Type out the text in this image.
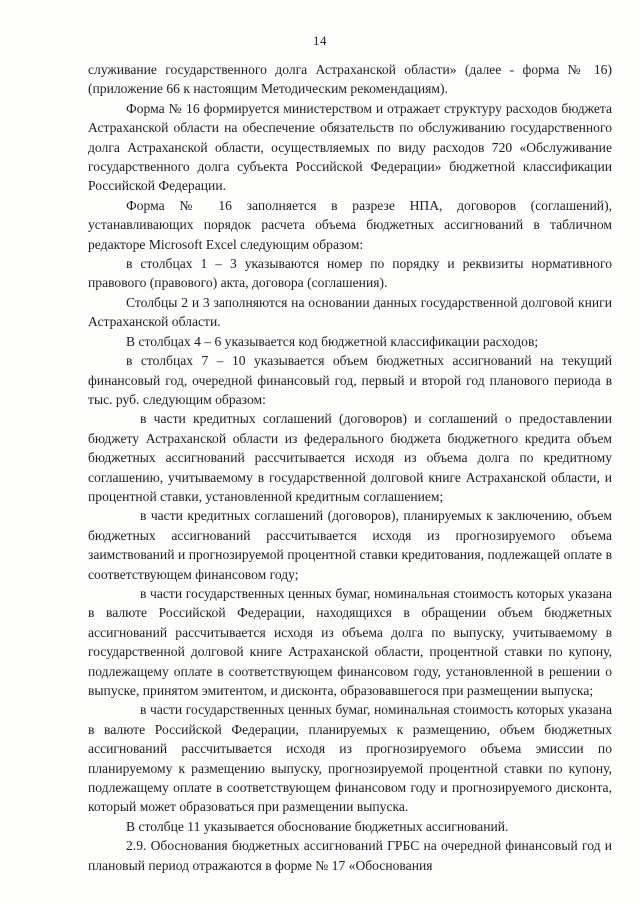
14

служивание государственного долга Астраханской области» (далее - форма № 16) (приложение 66 к настоящим Методическим рекомендациям).

Форма № 16 формируется министерством и отражает структуру расходов бюджета Астраханской области на обеспечение обязательств по обслуживанию государственного долга Астраханской области, осуществляемых по виду расходов 720 «Обслуживание государственного долга субъекта Российской Федерации» бюджетной классификации Российской Федерации.

Форма № 16 заполняется в разрезе НПА, договоров (соглашений), устанавливающих порядок расчета объема бюджетных ассигнований в табличном редакторе Microsoft Excel следующим образом:

в столбцах 1 – 3 указываются номер по порядку и реквизиты нормативного правового (правового) акта, договора (соглашения).

Столбцы 2 и 3 заполняются на основании данных государственной долговой книги Астраханской области.

В столбцах 4 – 6 указывается код бюджетной классификации расходов;

в столбцах 7 – 10 указывается объем бюджетных ассигнований на текущий финансовый год, очередной финансовый год, первый и второй год планового периода в тыс. руб. следующим образом:

в части кредитных соглашений (договоров) и соглашений о предоставлении бюджету Астраханской области из федерального бюджета бюджетного кредита объем бюджетных ассигнований рассчитывается исходя из объема долга по кредитному соглашению, учитываемому в государственной долговой книге Астраханской области, и процентной ставки, установленной кредитным соглашением;

в части кредитных соглашений (договоров), планируемых к заключению, объем бюджетных ассигнований рассчитывается исходя из прогнозируемого объема заимствований и прогнозируемой процентной ставки кредитования, подлежащей оплате в соответствующем финансовом году;

в части государственных ценных бумаг, номинальная стоимость которых указана в валюте Российской Федерации, находящихся в обращении объем бюджетных ассигнований рассчитывается исходя из объема долга по выпуску, учитываемому в государственной долговой книге Астраханской области, процентной ставки по купону, подлежащему оплате в соответствующем финансовом году, установленной в решении о выпуске, принятом эмитентом, и дисконта, образовавшегося при размещении выпуска;

в части государственных ценных бумаг, номинальная стоимость которых указана в валюте Российской Федерации, планируемых к размещению, объем бюджетных ассигнований рассчитывается исходя из прогнозируемого объема эмиссии по планируемому к размещению выпуску, прогнозируемой процентной ставки по купону, подлежащему оплате в соответствующем финансовом году и прогнозируемого дисконта, который может образоваться при размещении выпуска.

В столбце 11 указывается обоснование бюджетных ассигнований.

2.9. Обоснования бюджетных ассигнований ГРБС на очередной финансовый год и плановый период отражаются в форме № 17 «Обоснования
